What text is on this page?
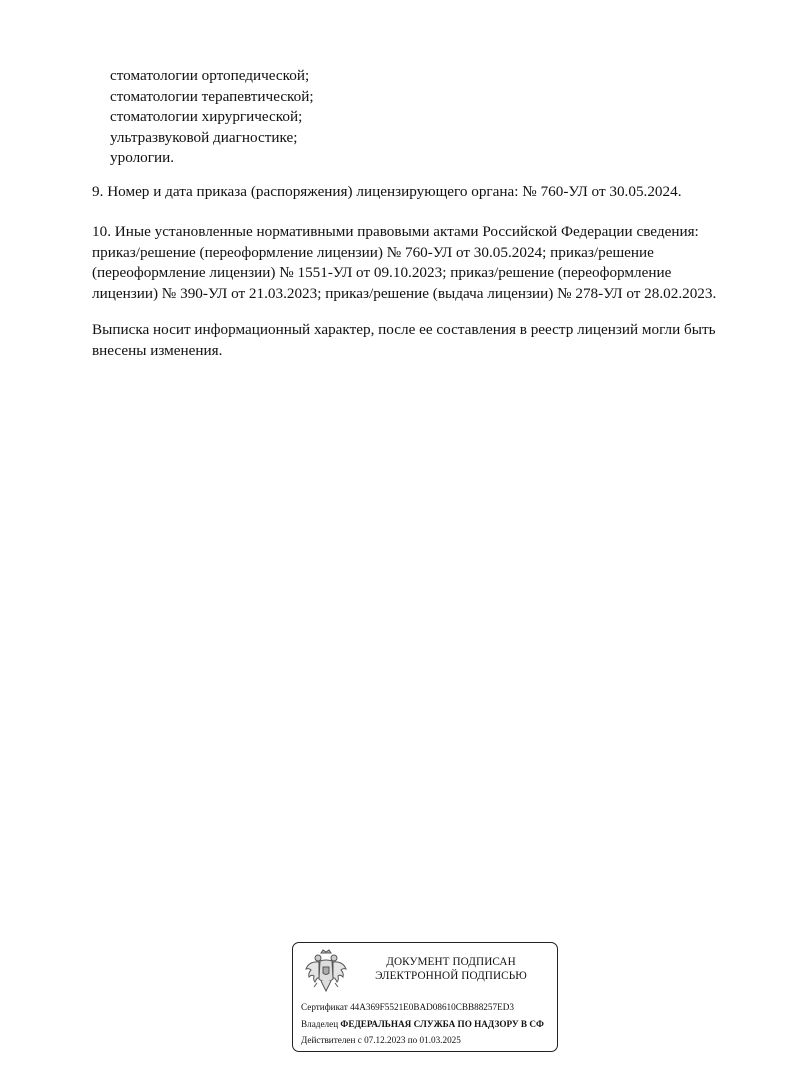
стоматологии ортопедической;
стоматологии терапевтической;
стоматологии хирургической;
ультразвуковой диагностике;
урологии.
9. Номер и дата приказа (распоряжения) лицензирующего органа: № 760-УЛ от 30.05.2024.
10. Иные установленные нормативными правовыми актами Российской Федерации сведения:
приказ/решение (переоформление лицензии) № 760-УЛ от 30.05.2024; приказ/решение
(переоформление лицензии) № 1551-УЛ от 09.10.2023; приказ/решение (переоформление
лицензии) № 390-УЛ от 21.03.2023; приказ/решение (выдача лицензии) № 278-УЛ от 28.02.2023.
Выписка носит информационный характер, после ее составления в реестр лицензий могли быть
внесены изменения.
ДОКУМЕНТ ПОДПИСАН
ЭЛЕКТРОННОЙ ПОДПИСЬЮ
Сертификат 44A369F5521E0BAD08610CBB88257ED3
Владелец ФЕДЕРАЛЬНАЯ СЛУЖБА ПО НАДЗОРУ В СФ
Действителен с 07.12.2023 по 01.03.2025
